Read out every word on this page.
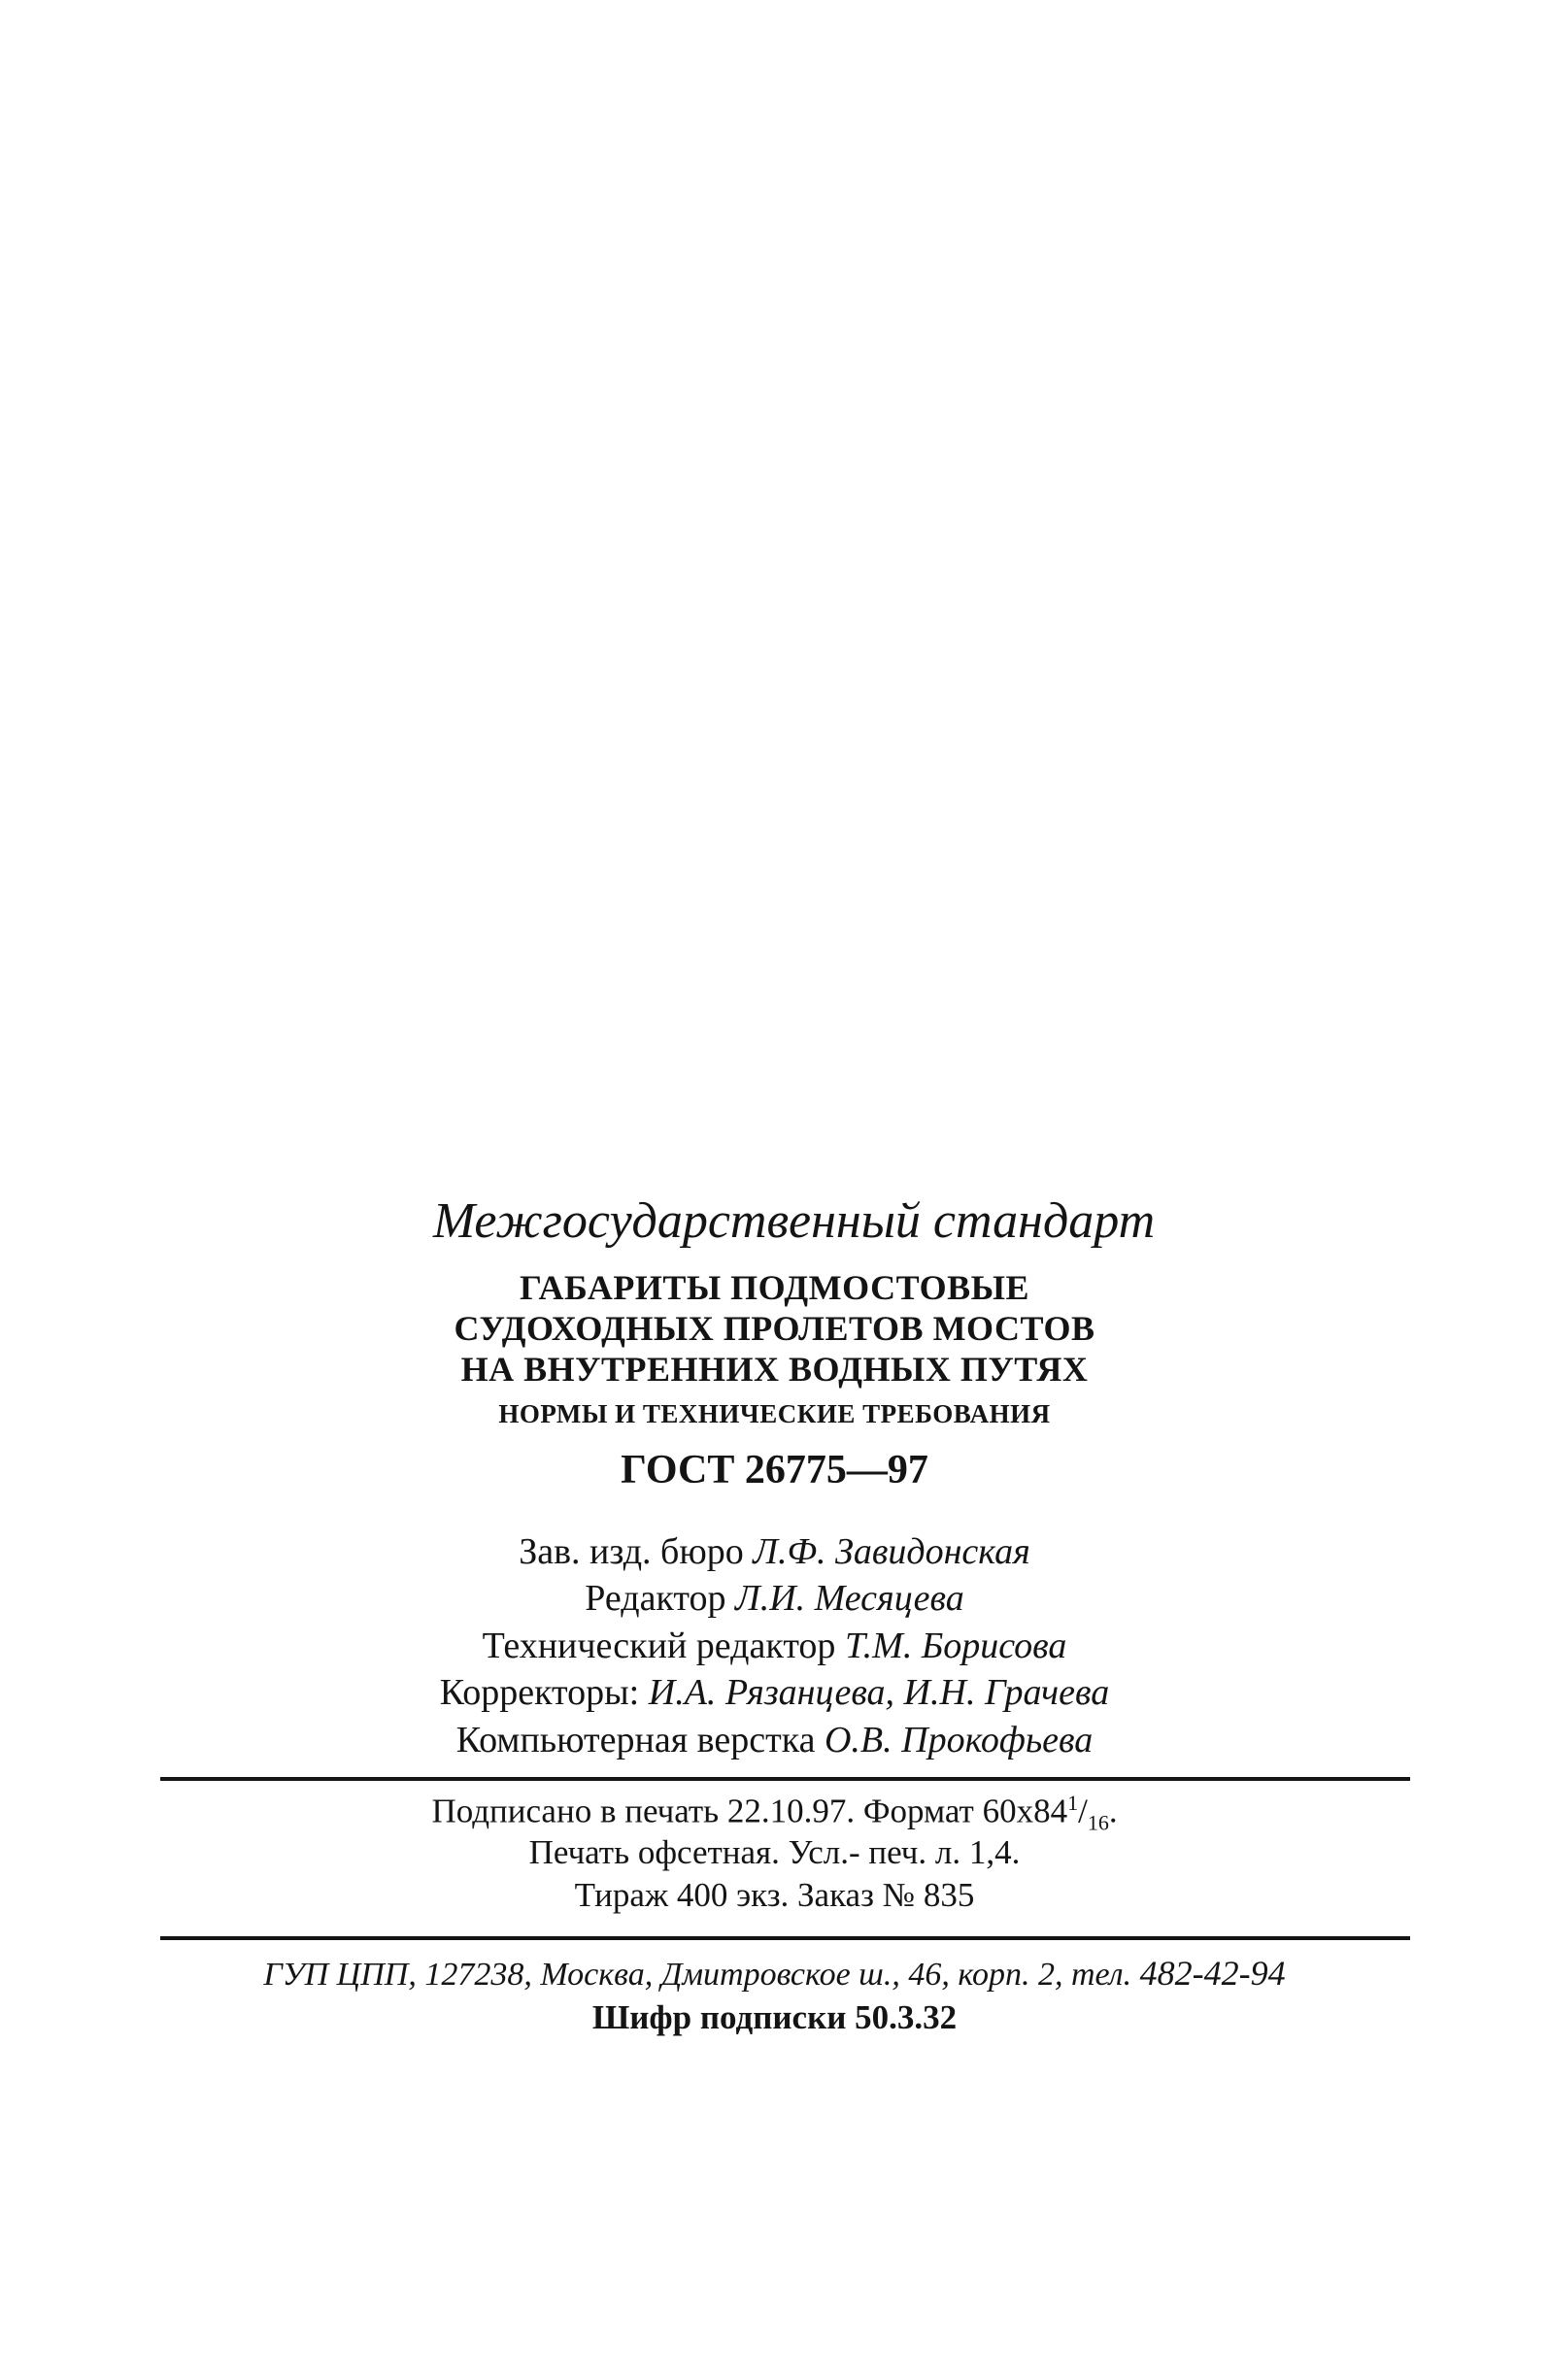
Межгосударственный стандарт
ГАБАРИТЫ ПОДМОСТОВЫЕ
СУДОХОДНЫХ ПРОЛЕТОВ МОСТОВ
НА ВНУТРЕННИХ ВОДНЫХ ПУТЯХ
НОРМЫ И ТЕХНИЧЕСКИЕ ТРЕБОВАНИЯ
ГОСТ 26775—97
Зав. изд. бюро Л.Ф. Завидонская
Редактор Л.И. Месяцева
Технический редактор Т.М. Борисова
Корректоры: И.А. Рязанцева, И.Н. Грачева
Компьютерная верстка О.В. Прокофьева
Подписано в печать 22.10.97. Формат $60x84^1/_{16}$.
Печать офсетная. Усл.- печ. л. 1,4.
Тираж 400 экз. Заказ № 835
ГУП ЦПП, 127238, Москва, Дмитровское ш., 46, корп. 2, тел. 482-42-94
Шифр подписки 50.3.32
